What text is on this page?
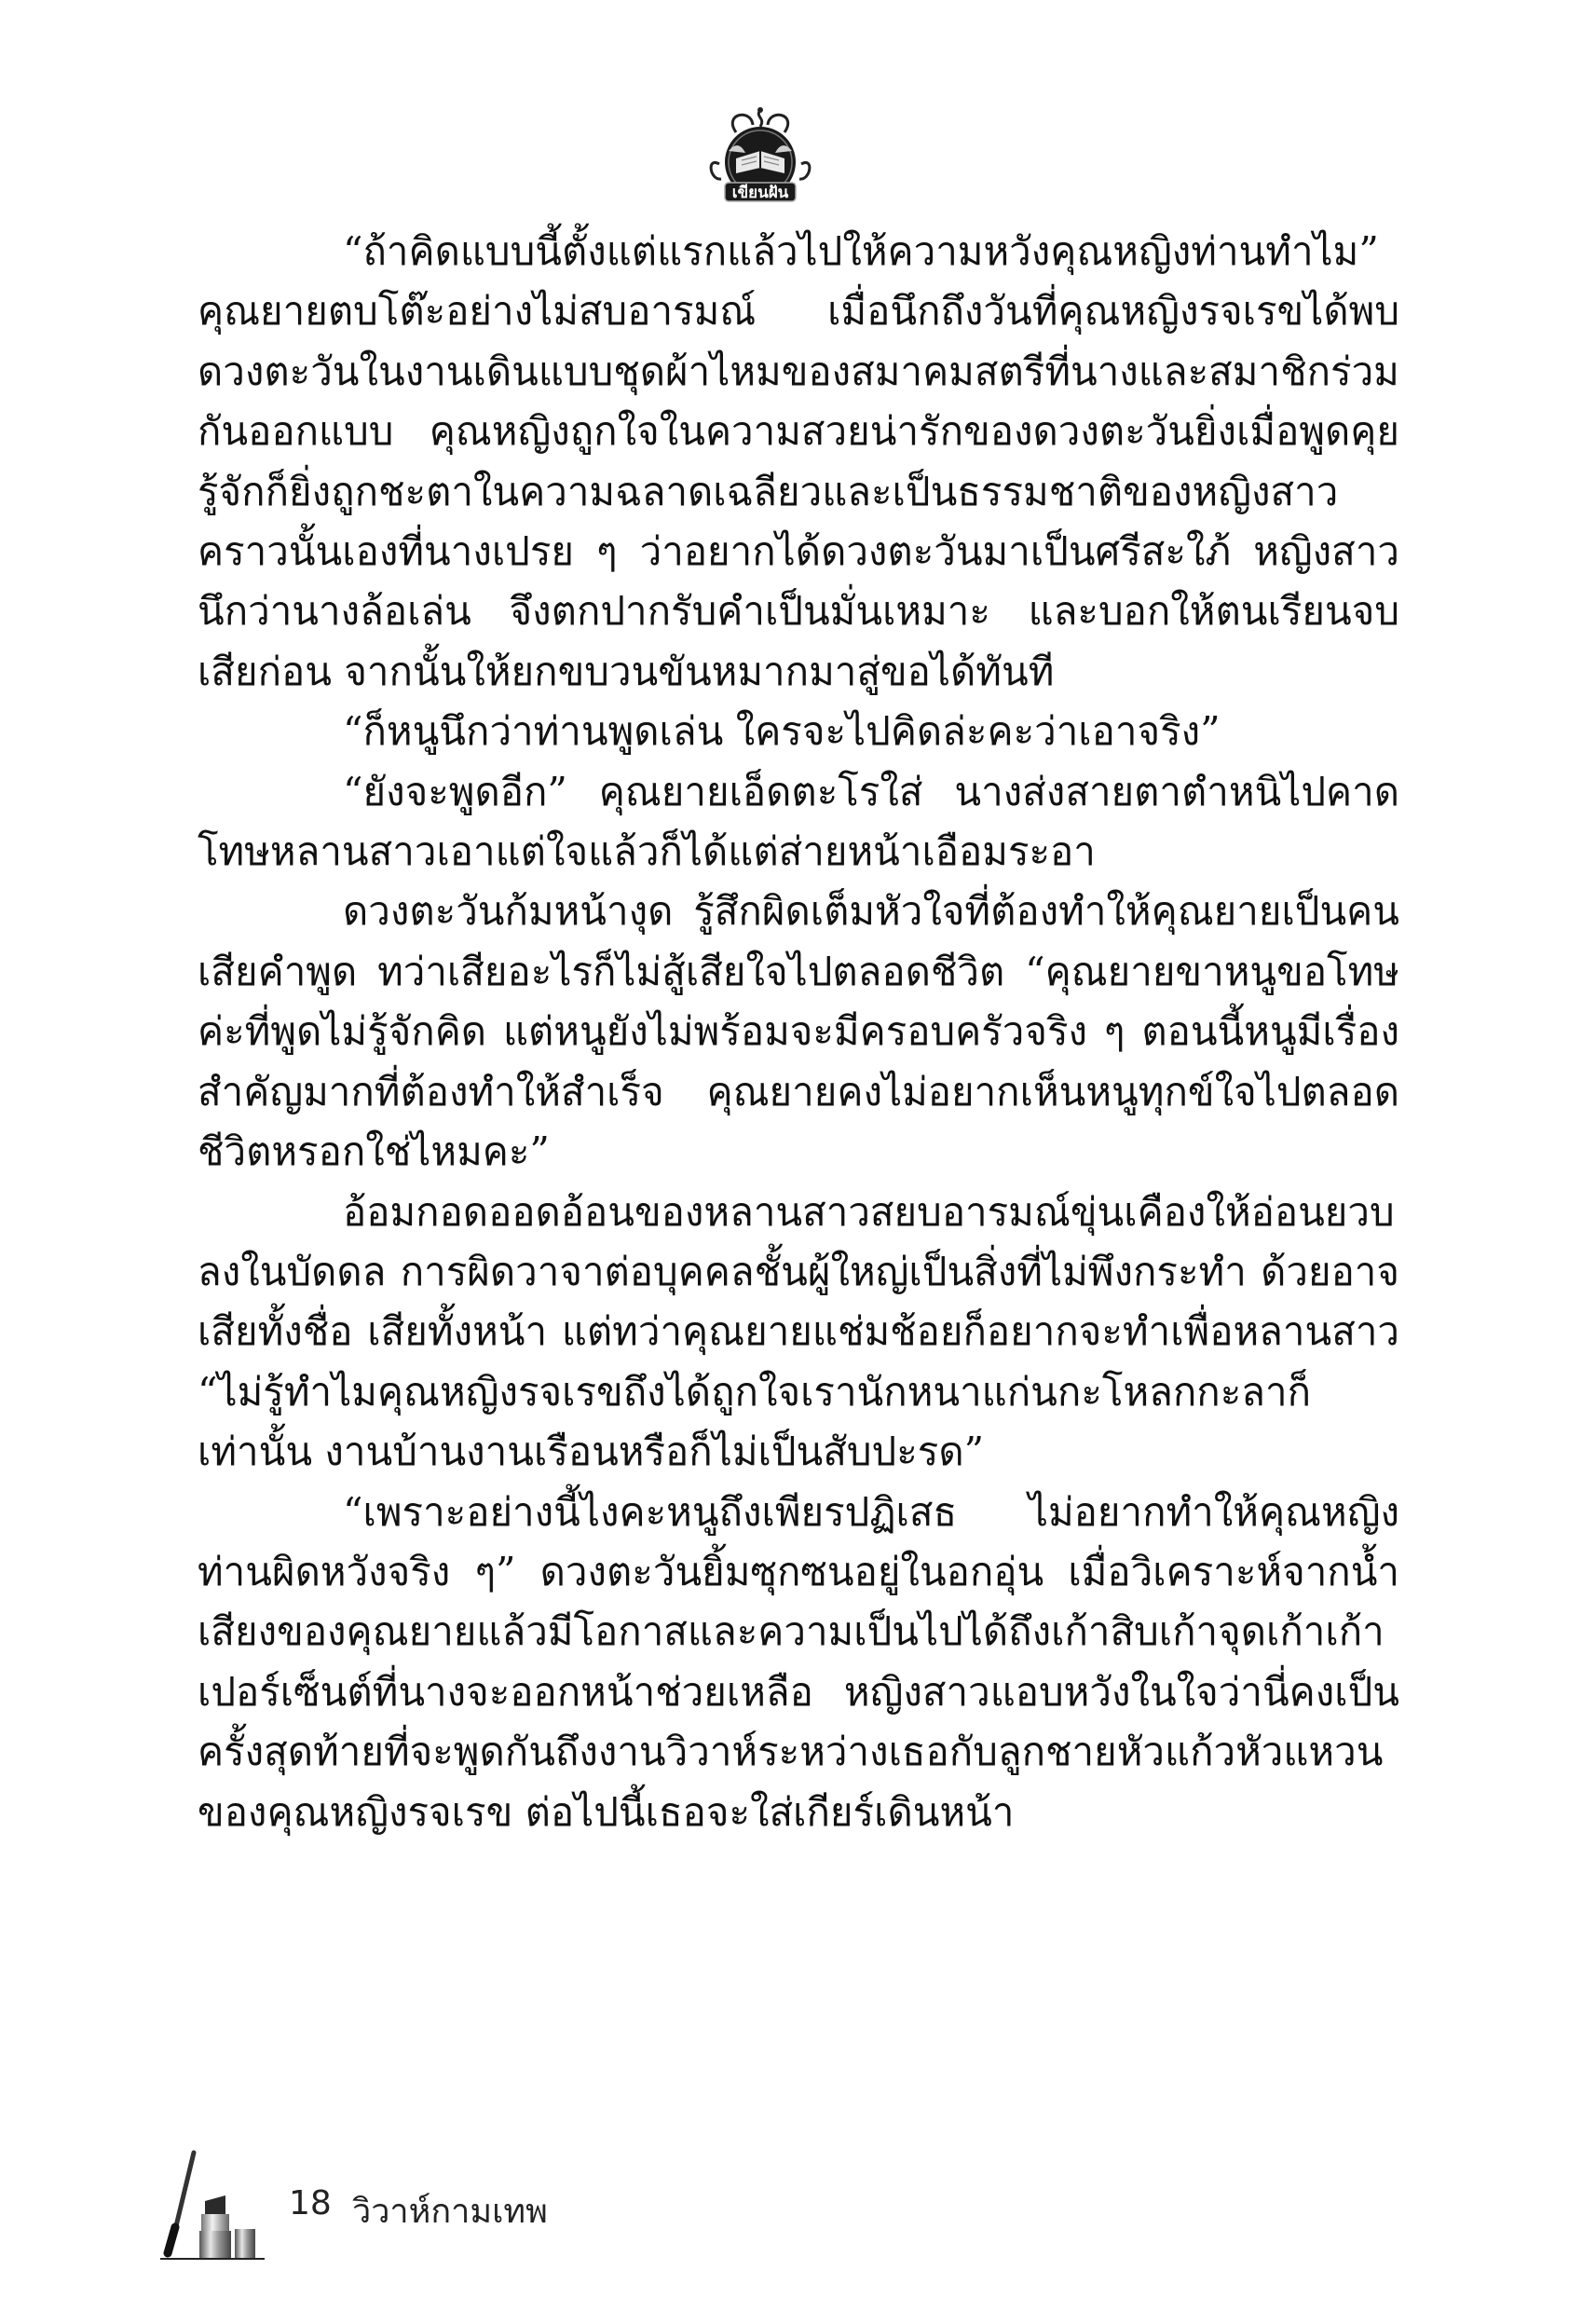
เขียนฝัน

“ถ้าคิดแบบนี้ตั้งแต่แรกแล้วไปให้ความหวังคุณหญิงท่านทำไม” คุณยายตบโต๊ะอย่างไม่สบอารมณ์ เมื่อนึกถึงวันที่คุณหญิงรจเรขได้พบดวงตะวันในงานเดินแบบชุดผ้าไหมของสมาคมสตรีที่นางและสมาชิกร่วมกันออกแบบ คุณหญิงถูกใจในความสวยน่ารักของดวงตะวันยิ่งเมื่อพูดคุยรู้จักก็ยิ่งถูกชะตาในความฉลาดเฉลียวและเป็นธรรมชาติของหญิงสาว คราวนั้นเองที่นางเปรย ๆ ว่าอยากได้ดวงตะวันมาเป็นศรีสะใภ้ หญิงสาวนึกว่านางล้อเล่น จึงตกปากรับคำเป็นมั่นเหมาะ และบอกให้ตนเรียนจบเสียก่อน จากนั้นให้ยกขบวนขันหมากมาสู่ขอได้ทันที

“ก็หนูนึกว่าท่านพูดเล่น ใครจะไปคิดล่ะคะว่าเอาจริง”

“ยังจะพูดอีก” คุณยายเอ็ดตะโรใส่ นางส่งสายตาตำหนิไปคาดโทษหลานสาวเอาแต่ใจแล้วก็ได้แต่ส่ายหน้าเอือมระอา

ดวงตะวันก้มหน้างุด รู้สึกผิดเต็มหัวใจที่ต้องทำให้คุณยายเป็นคนเสียคำพูด ทว่าเสียอะไรก็ไม่สู้เสียใจไปตลอดชีวิต “คุณยายขาหนูขอโทษค่ะที่พูดไม่รู้จักคิด แต่หนูยังไม่พร้อมจะมีครอบครัวจริง ๆ ตอนนี้หนูมีเรื่องสำคัญมากที่ต้องทำให้สำเร็จ คุณยายคงไม่อยากเห็นหนูทุกข์ใจไปตลอดชีวิตหรอกใช่ไหมคะ”

อ้อมกอดออดอ้อนของหลานสาวสยบอารมณ์ขุ่นเคืองให้อ่อนยวบลงในบัดดล การผิดวาจาต่อบุคคลชั้นผู้ใหญ่เป็นสิ่งที่ไม่พึงกระทำ ด้วยอาจเสียทั้งชื่อ เสียทั้งหน้า แต่ทว่าคุณยายแช่มช้อยก็อยากจะทำเพื่อหลานสาว “ไม่รู้ทำไมคุณหญิงรจเรขถึงได้ถูกใจเรานักหนาแก่นกะโหลกกะลาก็เท่านั้น งานบ้านงานเรือนหรือก็ไม่เป็นสับปะรด”

“เพราะอย่างนี้ไงคะหนูถึงเพียรปฏิเสธ ไม่อยากทำให้คุณหญิงท่านผิดหวังจริง ๆ” ดวงตะวันยิ้มซุกซนอยู่ในอกอุ่น เมื่อวิเคราะห์จากน้ำเสียงของคุณยายแล้วมีโอกาสและความเป็นไปได้ถึงเก้าสิบเก้าจุดเก้าเก้าเปอร์เซ็นต์ที่นางจะออกหน้าช่วยเหลือ หญิงสาวแอบหวังในใจว่านี่คงเป็นครั้งสุดท้ายที่จะพูดกันถึงงานวิวาห์ระหว่างเธอกับลูกชายหัวแก้วหัวแหวนของคุณหญิงรจเรข ต่อไปนี้เธอจะใส่เกียร์เดินหน้า

18 วิวาห์กามเทพ
